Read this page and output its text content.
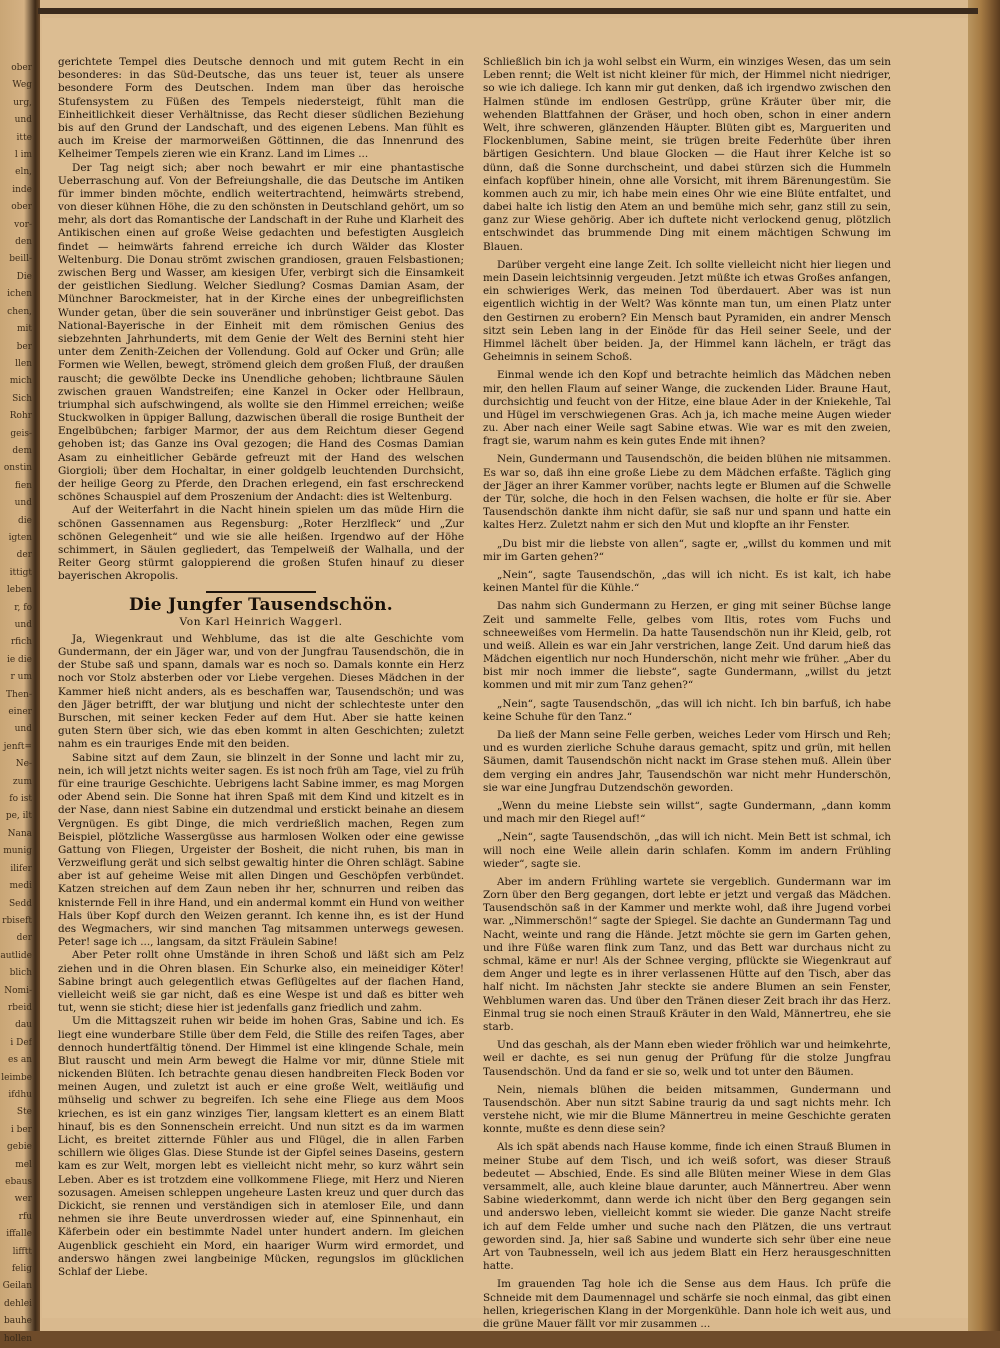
ober
Weg
urg,
und
itte
l im
eln,
inde
ober
vor-
den
beill-
Die
ichen
chen,
mit
ber
llen
mich
Sich
Rohr
geis-
dem
onstin
fien
und
die
igten
der
ittigt
leben
r, fo
und
rfich
ie die
r um
Then-
einer
und
jenft=
Ne-
zum
fo ist
pe, ilt
Nana
munig
ilifer
medi
Sedd
rbiseft
der
autlide
blich
Nomi-
rbeid
dau
i Def
es an
leimbe
ifdhu
Ste
i ber
gebie
mel
ebaus
wer
rfu
iffalle
lifftt
felig
Geilan
dehlei
bauhe
hollen

gerichtete Tempel dies Deutsche dennoch und mit gutem Recht in ein besonderes: in das Süd-Deutsche, das uns teuer ist, teuer als unsere besondere Form des Deutschen. Indem man über das heroische Stufensystem zu Füßen des Tempels niedersteigt, fühlt man die Einheitlichkeit dieser Verhältnisse, das Recht dieser südlichen Beziehung bis auf den Grund der Landschaft, und des eigenen Lebens. Man fühlt es auch im Kreise der marmorweißen Göttinnen, die das Innenrund des Kelheimer Tempels zieren wie ein Kranz. Land im Limes ...

Der Tag neigt sich; aber noch bewahrt er mir eine phantastische Ueberraschung auf. Von der Befreiungshalle, die das Deutsche im Antiken für immer binden möchte, endlich weitertrachtend, heimwärts strebend, von dieser kühnen Höhe, die zu den schönsten in Deutschland gehört, um so mehr, als dort das Romantische der Landschaft in der Ruhe und Klarheit des Antikischen einen auf große Weise gedachten und befestigten Ausgleich findet — heimwärts fahrend erreiche ich durch Wälder das Kloster Weltenburg. Die Donau strömt zwischen grandiosen, grauen Felsbastionen; zwischen Berg und Wasser, am kiesigen Ufer, verbirgt sich die Einsamkeit der geistlichen Siedlung. Welcher Siedlung? Cosmas Damian Asam, der Münchner Barockmeister, hat in der Kirche eines der unbegreiflichsten Wunder getan, über die sein souveräner und inbrünstiger Geist gebot. Das National-Bayerische in der Einheit mit dem römischen Genius des siebzehnten Jahrhunderts, mit dem Genie der Welt des Bernini steht hier unter dem Zenith-Zeichen der Vollendung. Gold auf Ocker und Grün; alle Formen wie Wellen, bewegt, strömend gleich dem großen Fluß, der draußen rauscht; die gewölbte Decke ins Unendliche gehoben; lichtbraune Säulen zwischen grauen Wandstreifen; eine Kanzel in Ocker oder Hellbraun, triumphal sich aufschwingend, als wollte sie den Himmel erreichen; weiße Stuckwolken in üppiger Ballung, dazwischen überall die rosige Buntheit der Engelbübchen; farbiger Marmor, der aus dem Reichtum dieser Gegend gehoben ist; das Ganze ins Oval gezogen; die Hand des Cosmas Damian Asam zu einheitlicher Gebärde gefreuzt mit der Hand des welschen Giorgioli; über dem Hochaltar, in einer goldgelb leuchtenden Durchsicht, der heilige Georg zu Pferde, den Drachen erlegend, ein fast erschreckend schönes Schauspiel auf dem Proszenium der Andacht: dies ist Weltenburg.

Auf der Weiterfahrt in die Nacht hinein spielen um das müde Hirn die schönen Gassennamen aus Regensburg: „Roter Herzlfleck“ und „Zur schönen Gelegenheit“ und wie sie alle heißen. Irgendwo auf der Höhe schimmert, in Säulen gegliedert, das Tempelweiß der Walhalla, und der Reiter Georg stürmt galoppierend die großen Stufen hinauf zu dieser bayerischen Akropolis.

Die Jungfer Tausendschön.
Von Karl Heinrich Waggerl.

Ja, Wiegenkraut und Wehblume, das ist die alte Geschichte vom Gundermann, der ein Jäger war, und von der Jungfrau Tausendschön, die in der Stube saß und spann, damals war es noch so. Damals konnte ein Herz noch vor Stolz absterben oder vor Liebe vergehen. Dieses Mädchen in der Kammer hieß nicht anders, als es beschaffen war, Tausendschön; und was den Jäger betrifft, der war blutjung und nicht der schlechteste unter den Burschen, mit seiner kecken Feder auf dem Hut. Aber sie hatte keinen guten Stern über sich, wie das eben kommt in alten Geschichten; zuletzt nahm es ein trauriges Ende mit den beiden.

Sabine sitzt auf dem Zaun, sie blinzelt in der Sonne und lacht mir zu, nein, ich will jetzt nichts weiter sagen. Es ist noch früh am Tage, viel zu früh für eine traurige Geschichte. Uebrigens lacht Sabine immer, es mag Morgen oder Abend sein. Die Sonne hat ihren Spaß mit dem Kind und kitzelt es in der Nase, dann niest Sabine ein dutzendmal und erstickt beinahe an diesem Vergnügen. Es gibt Dinge, die mich verdrießlich machen, Regen zum Beispiel, plötzliche Wassergüsse aus harmlosen Wolken oder eine gewisse Gattung von Fliegen, Urgeister der Bosheit, die nicht ruhen, bis man in Verzweiflung gerät und sich selbst gewaltig hinter die Ohren schlägt. Sabine aber ist auf geheime Weise mit allen Dingen und Geschöpfen verbündet. Katzen streichen auf dem Zaun neben ihr her, schnurren und reiben das knisternde Fell in ihre Hand, und ein andermal kommt ein Hund von weither Hals über Kopf durch den Weizen gerannt. Ich kenne ihn, es ist der Hund des Wegmachers, wir sind manchen Tag mitsammen unterwegs gewesen. Peter! sage ich ..., langsam, da sitzt Fräulein Sabine!

Aber Peter rollt ohne Umstände in ihren Schoß und läßt sich am Pelz ziehen und in die Ohren blasen. Ein Schurke also, ein meineidiger Köter! Sabine bringt auch gelegentlich etwas Geflügeltes auf der flachen Hand, vielleicht weiß sie gar nicht, daß es eine Wespe ist und daß es bitter weh tut, wenn sie sticht; diese hier ist jedenfalls ganz friedlich und zahm.

Um die Mittagszeit ruhen wir beide im hohen Gras, Sabine und ich. Es liegt eine wunderbare Stille über dem Feld, die Stille des reifen Tages, aber dennoch hundertfältig tönend. Der Himmel ist eine klingende Schale, mein Blut rauscht und mein Arm bewegt die Halme vor mir, dünne Stiele mit nickenden Blüten. Ich betrachte genau diesen handbreiten Fleck Boden vor meinen Augen, und zuletzt ist auch er eine große Welt, weitläufig und mühselig und schwer zu begreifen. Ich sehe eine Fliege aus dem Moos kriechen, es ist ein ganz winziges Tier, langsam klettert es an einem Blatt hinauf, bis es den Sonnenschein erreicht. Und nun sitzt es da im warmen Licht, es breitet zitternde Fühler aus und Flügel, die in allen Farben schillern wie öliges Glas. Diese Stunde ist der Gipfel seines Daseins, gestern kam es zur Welt, morgen lebt es vielleicht nicht mehr, so kurz währt sein Leben. Aber es ist trotzdem eine vollkommene Fliege, mit Herz und Nieren sozusagen. Ameisen schleppen ungeheure Lasten kreuz und quer durch das Dickicht, sie rennen und verständigen sich in atemloser Eile, und dann nehmen sie ihre Beute unverdrossen wieder auf, eine Spinnenhaut, ein Käferbein oder ein bestimmte Nadel unter hundert andern. Im gleichen Augenblick geschieht ein Mord, ein haariger Wurm wird ermordet, und anderswo hängen zwei langbeinige Mücken, regungslos im glücklichen Schlaf der Liebe.

Schließlich bin ich ja wohl selbst ein Wurm, ein winziges Wesen, das um sein Leben rennt; die Welt ist nicht kleiner für mich, der Himmel nicht niedriger, so wie ich daliege. Ich kann mir gut denken, daß ich irgendwo zwischen den Halmen stünde im endlosen Gestrüpp, grüne Kräuter über mir, die wehenden Blattfahnen der Gräser, und hoch oben, schon in einer andern Welt, ihre schweren, glänzenden Häupter. Blüten gibt es, Margueriten und Flockenblumen, Sabine meint, sie trügen breite Federhüte über ihren bärtigen Gesichtern. Und blaue Glocken — die Haut ihrer Kelche ist so dünn, daß die Sonne durchscheint, und dabei stürzen sich die Hummeln einfach kopfüber hinein, ohne alle Vorsicht, mit ihrem Bärenungestüm. Sie kommen auch zu mir, ich habe mein eines Ohr wie eine Blüte entfaltet, und dabei halte ich listig den Atem an und bemühe mich sehr, ganz still zu sein, ganz zur Wiese gehörig. Aber ich duftete nicht verlockend genug, plötzlich entschwindet das brummende Ding mit einem mächtigen Schwung im Blauen.

Darüber vergeht eine lange Zeit. Ich sollte vielleicht nicht hier liegen und mein Dasein leichtsinnig vergeuden. Jetzt müßte ich etwas Großes anfangen, ein schwieriges Werk, das meinen Tod überdauert. Aber was ist nun eigentlich wichtig in der Welt? Was könnte man tun, um einen Platz unter den Gestirnen zu erobern? Ein Mensch baut Pyramiden, ein andrer Mensch sitzt sein Leben lang in der Einöde für das Heil seiner Seele, und der Himmel lächelt über beiden. Ja, der Himmel kann lächeln, er trägt das Geheimnis in seinem Schoß.

Einmal wende ich den Kopf und betrachte heimlich das Mädchen neben mir, den hellen Flaum auf seiner Wange, die zuckenden Lider. Braune Haut, durchsichtig und feucht von der Hitze, eine blaue Ader in der Kniekehle, Tal und Hügel im verschwiegenen Gras. Ach ja, ich mache meine Augen wieder zu. Aber nach einer Weile sagt Sabine etwas. Wie war es mit den zweien, fragt sie, warum nahm es kein gutes Ende mit ihnen?

Nein, Gundermann und Tausendschön, die beiden blühen nie mitsammen. Es war so, daß ihn eine große Liebe zu dem Mädchen erfaßte. Täglich ging der Jäger an ihrer Kammer vorüber, nachts legte er Blumen auf die Schwelle der Tür, solche, die hoch in den Felsen wachsen, die holte er für sie. Aber Tausendschön dankte ihm nicht dafür, sie saß nur und spann und hatte ein kaltes Herz. Zuletzt nahm er sich den Mut und klopfte an ihr Fenster.

„Du bist mir die liebste von allen“, sagte er, „willst du kommen und mit mir im Garten gehen?“

„Nein“, sagte Tausendschön, „das will ich nicht. Es ist kalt, ich habe keinen Mantel für die Kühle.“

Das nahm sich Gundermann zu Herzen, er ging mit seiner Büchse lange Zeit und sammelte Felle, gelbes vom Iltis, rotes vom Fuchs und schneeweißes vom Hermelin. Da hatte Tausendschön nun ihr Kleid, gelb, rot und weiß. Allein es war ein Jahr verstrichen, lange Zeit. Und darum hieß das Mädchen eigentlich nur noch Hunderschön, nicht mehr wie früher. „Aber du bist mir noch immer die liebste“, sagte Gundermann, „willst du jetzt kommen und mit mir zum Tanz gehen?“

„Nein“, sagte Tausendschön, „das will ich nicht. Ich bin barfuß, ich habe keine Schuhe für den Tanz.“

Da ließ der Mann seine Felle gerben, weiches Leder vom Hirsch und Reh; und es wurden zierliche Schuhe daraus gemacht, spitz und grün, mit hellen Säumen, damit Tausendschön nicht nackt im Grase stehen muß. Allein über dem verging ein andres Jahr, Tausendschön war nicht mehr Hunderschön, sie war eine Jungfrau Dutzendschön geworden.

„Wenn du meine Liebste sein willst“, sagte Gundermann, „dann komm und mach mir den Riegel auf!“

„Nein“, sagte Tausendschön, „das will ich nicht. Mein Bett ist schmal, ich will noch eine Weile allein darin schlafen. Komm im andern Frühling wieder“, sagte sie.

Aber im andern Frühling wartete sie vergeblich. Gundermann war im Zorn über den Berg gegangen, dort lebte er jetzt und vergaß das Mädchen. Tausendschön saß in der Kammer und merkte wohl, daß ihre Jugend vorbei war. „Nimmerschön!“ sagte der Spiegel. Sie dachte an Gundermann Tag und Nacht, weinte und rang die Hände. Jetzt möchte sie gern im Garten gehen, und ihre Füße waren flink zum Tanz, und das Bett war durchaus nicht zu schmal, käme er nur! Als der Schnee verging, pflückte sie Wiegenkraut auf dem Anger und legte es in ihrer verlassenen Hütte auf den Tisch, aber das half nicht. Im nächsten Jahr steckte sie andere Blumen an sein Fenster, Wehblumen waren das. Und über den Tränen dieser Zeit brach ihr das Herz. Einmal trug sie noch einen Strauß Kräuter in den Wald, Männertreu, ehe sie starb.

Und das geschah, als der Mann eben wieder fröhlich war und heimkehrte, weil er dachte, es sei nun genug der Prüfung für die stolze Jungfrau Tausendschön. Und da fand er sie so, welk und tot unter den Bäumen.

Nein, niemals blühen die beiden mitsammen, Gundermann und Tausendschön. Aber nun sitzt Sabine traurig da und sagt nichts mehr. Ich verstehe nicht, wie mir die Blume Männertreu in meine Geschichte geraten konnte, mußte es denn diese sein?

Als ich spät abends nach Hause komme, finde ich einen Strauß Blumen in meiner Stube auf dem Tisch, und ich weiß sofort, was dieser Strauß bedeutet — Abschied, Ende. Es sind alle Blüten meiner Wiese in dem Glas versammelt, alle, auch kleine blaue darunter, auch Männertreu. Aber wenn Sabine wiederkommt, dann werde ich nicht über den Berg gegangen sein und anderswo leben, vielleicht kommt sie wieder. Die ganze Nacht streife ich auf dem Felde umher und suche nach den Plätzen, die uns vertraut geworden sind. Ja, hier saß Sabine und wunderte sich sehr über eine neue Art von Taubnesseln, weil ich aus jedem Blatt ein Herz herausgeschnitten hatte.

Im grauenden Tag hole ich die Sense aus dem Haus. Ich prüfe die Schneide mit dem Daumennagel und schärfe sie noch einmal, das gibt einen hellen, kriegerischen Klang in der Morgenkühle. Dann hole ich weit aus, und die grüne Mauer fällt vor mir zusammen ...
